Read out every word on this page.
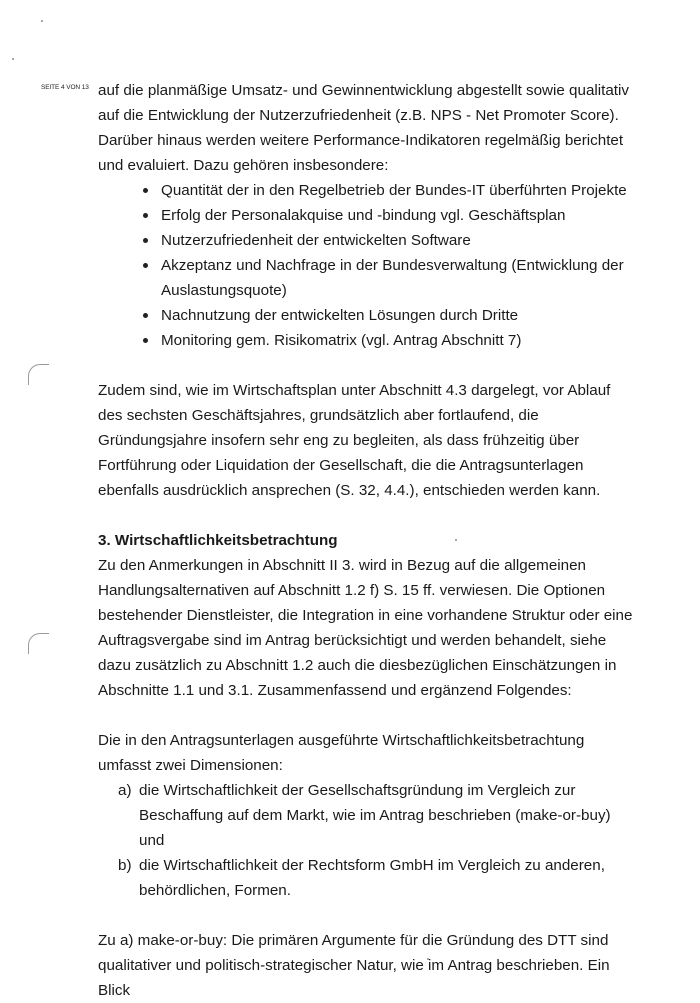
SEITE 4 VON 13 auf die planmäßige Umsatz- und Gewinnentwicklung abgestellt sowie qualitativ auf die Entwicklung der Nutzerzufriedenheit (z.B. NPS - Net Promoter Score). Darüber hinaus werden weitere Performance-Indikatoren regelmäßig berichtet und evaluiert. Dazu gehören insbesondere:

Quantität der in den Regelbetrieb der Bundes-IT überführten Projekte
Erfolg der Personalakquise und -bindung vgl. Geschäftsplan
Nutzerzufriedenheit der entwickelten Software
Akzeptanz und Nachfrage in der Bundesverwaltung (Entwicklung der Auslastungsquote)
Nachnutzung der entwickelten Lösungen durch Dritte
Monitoring gem. Risikomatrix (vgl. Antrag Abschnitt 7)

Zudem sind, wie im Wirtschaftsplan unter Abschnitt 4.3 dargelegt, vor Ablauf des sechsten Geschäftsjahres, grundsätzlich aber fortlaufend, die Gründungsjahre insofern sehr eng zu begleiten, als dass frühzeitig über Fortführung oder Liquidation der Gesellschaft, die die Antragsunterlagen ebenfalls ausdrücklich ansprechen (S. 32, 4.4.), entschieden werden kann.

3. Wirtschaftlichkeitsbetrachtung

Zu den Anmerkungen in Abschnitt II 3. wird in Bezug auf die allgemeinen Handlungsalternativen auf Abschnitt 1.2 f) S. 15 ff. verwiesen. Die Optionen bestehender Dienstleister, die Integration in eine vorhandene Struktur oder eine Auftragsvergabe sind im Antrag berücksichtigt und werden behandelt, siehe dazu zusätzlich zu Abschnitt 1.2 auch die diesbezüglichen Einschätzungen in Abschnitte 1.1 und 3.1. Zusammenfassend und ergänzend Folgendes:

Die in den Antragsunterlagen ausgeführte Wirtschaftlichkeitsbetrachtung umfasst zwei Dimensionen:

a) die Wirtschaftlichkeit der Gesellschaftsgründung im Vergleich zur Beschaffung auf dem Markt, wie im Antrag beschrieben (make-or-buy) und
b) die Wirtschaftlichkeit der Rechtsform GmbH im Vergleich zu anderen, behördlichen, Formen.

Zu a) make-or-buy: Die primären Argumente für die Gründung des DTT sind qualitativer und politisch-strategischer Natur, wie im Antrag beschrieben. Ein Blick
